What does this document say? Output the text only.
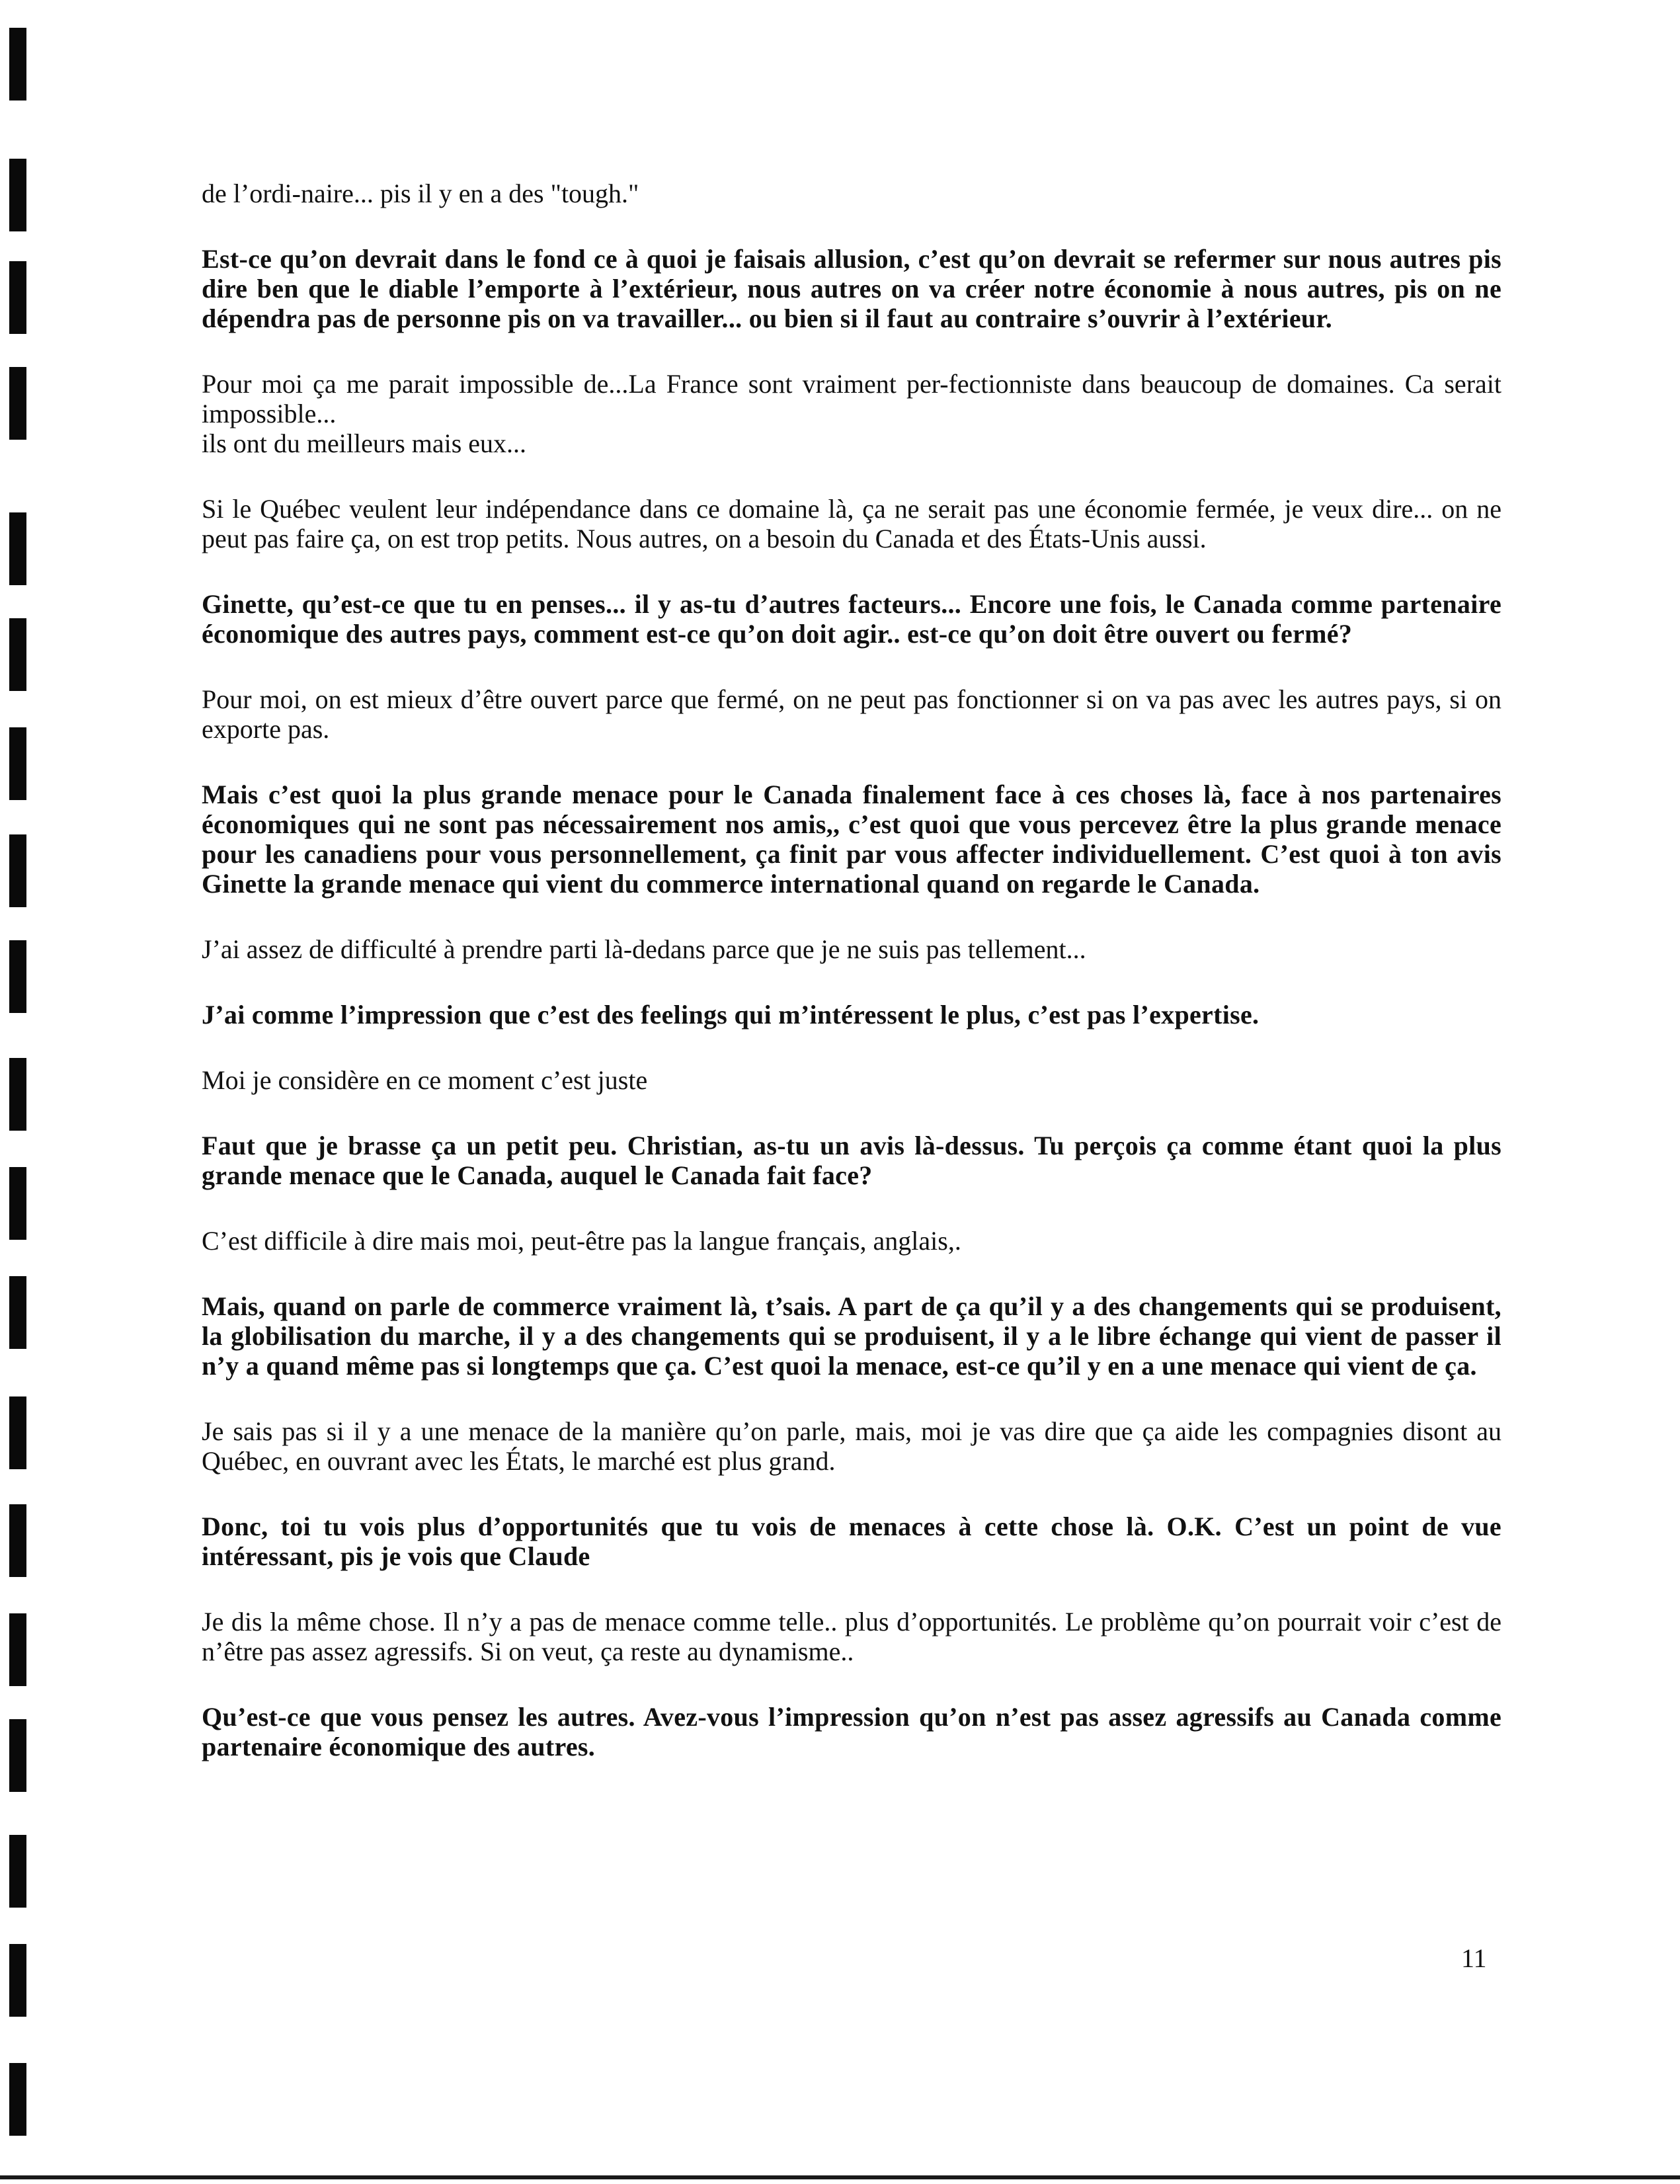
de l’ordi-naire... pis il y en a des "tough."

Est-ce qu’on devrait dans le fond ce à quoi je faisais allusion, c’est qu’on devrait se refermer sur nous autres pis dire ben que le diable l’emporte à l’extérieur, nous autres on va créer notre économie à nous autres, pis on ne dépendra pas de personne pis on va travailler... ou bien si il faut au contraire s’ouvrir à l’extérieur.

Pour moi ça me parait impossible de...La France sont vraiment per-fectionniste dans beaucoup de domaines. Ca serait impossible...
ils ont du meilleurs mais eux...

Si le Québec veulent leur indépendance dans ce domaine là, ça ne serait pas une économie fermée, je veux dire... on ne peut pas faire ça, on est trop petits. Nous autres, on a besoin du Canada et des États-Unis aussi.

Ginette, qu’est-ce que tu en penses... il y as-tu d’autres facteurs... Encore une fois, le Canada comme partenaire économique des autres pays, comment est-ce qu’on doit agir.. est-ce qu’on doit être ouvert ou fermé?

Pour moi, on est mieux d’être ouvert parce que fermé, on ne peut pas fonctionner si on va pas avec les autres pays, si on exporte pas.

Mais c’est quoi la plus grande menace pour le Canada finalement face à ces choses là, face à nos partenaires économiques qui ne sont pas nécessairement nos amis,, c’est quoi que vous percevez être la plus grande menace pour les canadiens pour vous personnellement, ça finit par vous affecter individuellement. C’est quoi à ton avis Ginette la grande menace qui vient du commerce international quand on regarde le Canada.

J’ai assez de difficulté à prendre parti là-dedans parce que je ne suis pas tellement...

J’ai comme l’impression que c’est des feelings qui m’intéressent le plus, c’est pas l’expertise.

Moi je considère en ce moment c’est juste

Faut que je brasse ça un petit peu. Christian, as-tu un avis là-dessus. Tu perçois ça comme étant quoi la plus grande menace que le Canada, auquel le Canada fait face?

C’est difficile à dire mais moi, peut-être pas la langue français, anglais,.

Mais, quand on parle de commerce vraiment là, t’sais. A part de ça qu’il y a des changements qui se produisent, la globilisation du marche, il y a des changements qui se produisent, il y a le libre échange qui vient de passer il n’y a quand même pas si longtemps que ça. C’est quoi la menace, est-ce qu’il y en a une menace qui vient de ça.

Je sais pas si il y a une menace de la manière qu’on parle, mais, moi je vas dire que ça aide les compagnies disont au Québec, en ouvrant avec les États, le marché est plus grand.

Donc, toi tu vois plus d’opportunités que tu vois de menaces à cette chose là. O.K. C’est un point de vue intéressant, pis je vois que Claude

Je dis la même chose. Il n’y a pas de menace comme telle.. plus d’opportunités. Le problème qu’on pourrait voir c’est de n’être pas assez agressifs. Si on veut, ça reste au dynamisme..

Qu’est-ce que vous pensez les autres. Avez-vous l’impression qu’on n’est pas assez agressifs au Canada comme partenaire économique des autres.

11
